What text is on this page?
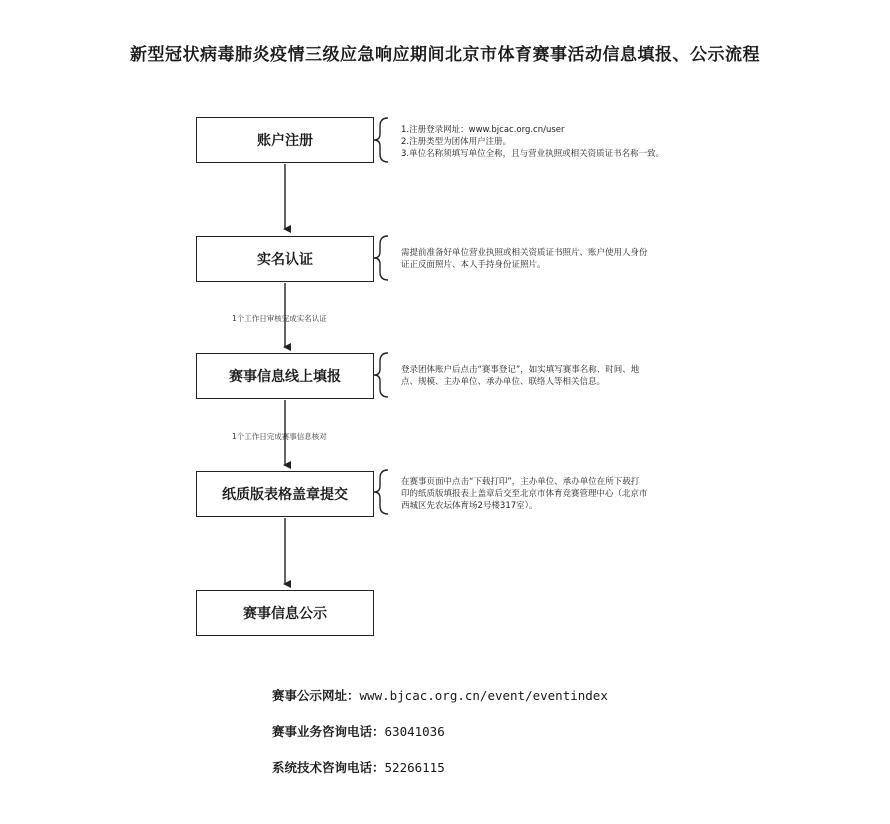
新型冠状病毒肺炎疫情三级应急响应期间北京市体育赛事活动信息填报、公示流程
账户注册
实名认证
赛事信息线上填报
纸质版表格盖章提交
赛事信息公示
1.注册登录网址：www.bjcac.org.cn/user
2.注册类型为团体用户注册。
3.单位名称须填写单位全称，且与营业执照或相关资质证书名称一致。
需提前准备好单位营业执照或相关资质证书照片、账户使用人身份
证正反面照片、本人手持身份证照片。
登录团体账户后点击“赛事登记”，如实填写赛事名称、时间、地
点、规模、主办单位、承办单位、联络人等相关信息。
在赛事页面中点击“下载打印”，主办单位、承办单位在所下载打
印的纸质版填报表上盖章后交至北京市体育竞赛管理中心（北京市
西城区先农坛体育场2号楼317室）。
1个工作日审核完成实名认证
1个工作日完成赛事信息核对
赛事公示网址：www.bjcac.org.cn/event/eventindex
赛事业务咨询电话：63041036
系统技术咨询电话：52266115
